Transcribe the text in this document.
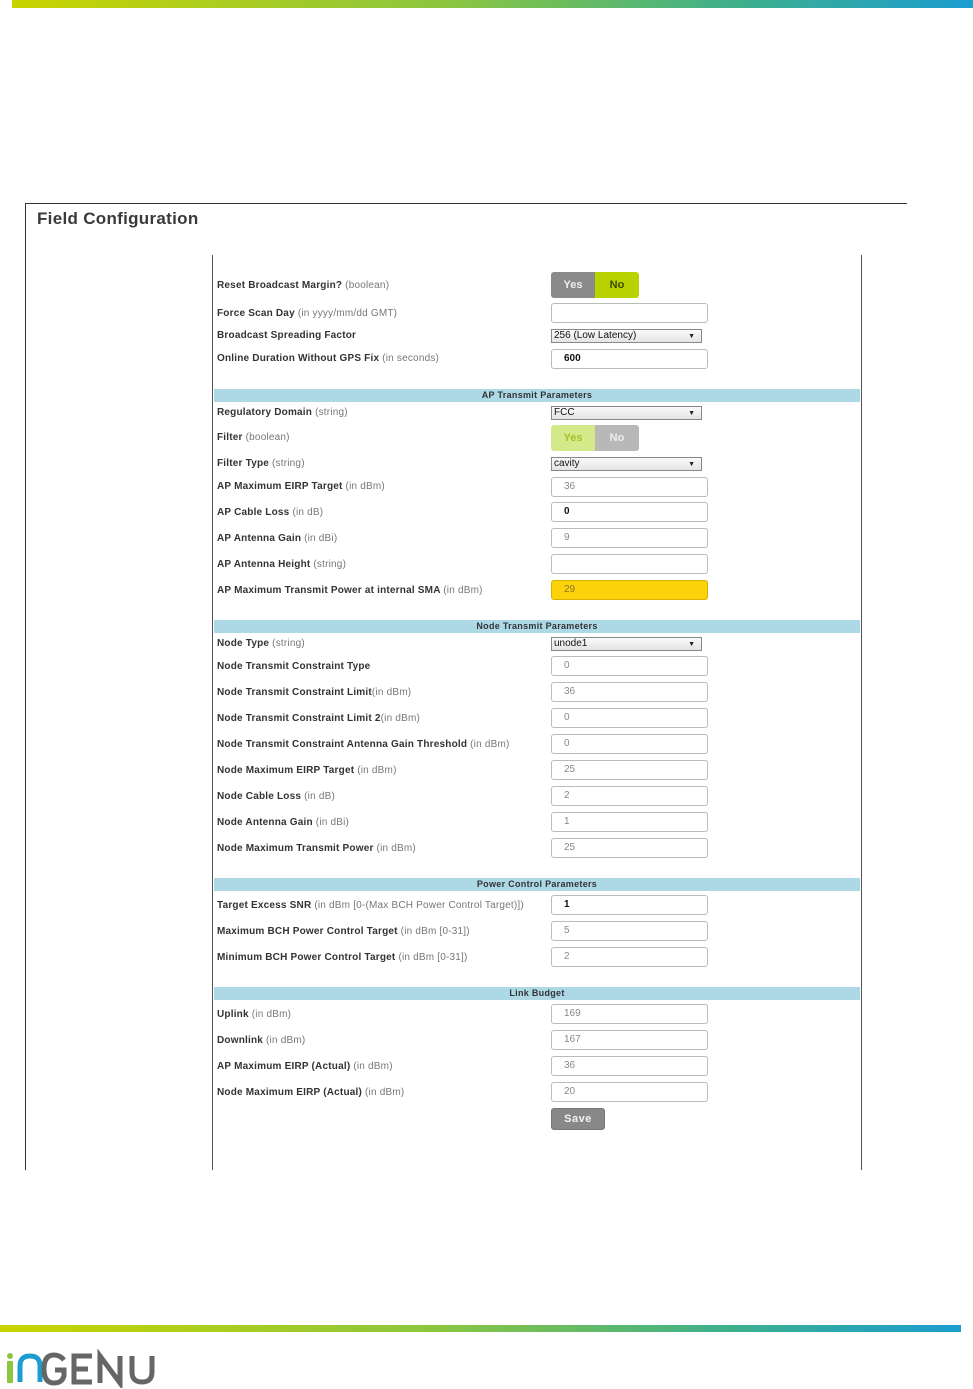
Field Configuration
Reset Broadcast Margin? (boolean)	Yes	No
Force Scan Day (in yyyy/mm/dd GMT)
Broadcast Spreading Factor	256 (Low Latency)	▼
Online Duration Without GPS Fix (in seconds)	600
AP Transmit Parameters
Regulatory Domain (string)	FCC	▼
Filter (boolean)	Yes	No
Filter Type (string)	cavity	▼
AP Maximum EIRP Target (in dBm)	36
AP Cable Loss (in dB)	0
AP Antenna Gain (in dBi)	9
AP Antenna Height (string)
AP Maximum Transmit Power at internal SMA (in dBm)	29
Node Transmit Parameters
Node Type (string)	unode1	▼
Node Transmit Constraint Type	0
Node Transmit Constraint Limit(in dBm)	36
Node Transmit Constraint Limit 2(in dBm)	0
Node Transmit Constraint Antenna Gain Threshold (in dBm)	0
Node Maximum EIRP Target (in dBm)	25
Node Cable Loss (in dB)	2
Node Antenna Gain (in dBi)	1
Node Maximum Transmit Power (in dBm)	25
Power Control Parameters
Target Excess SNR (in dBm [0-(Max BCH Power Control Target)])	1
Maximum BCH Power Control Target (in dBm [0-31])	5
Minimum BCH Power Control Target (in dBm [0-31])	2
Link Budget
Uplink (in dBm)	169
Downlink (in dBm)	167
AP Maximum EIRP (Actual) (in dBm)	36
Node Maximum EIRP (Actual) (in dBm)	20
Save
